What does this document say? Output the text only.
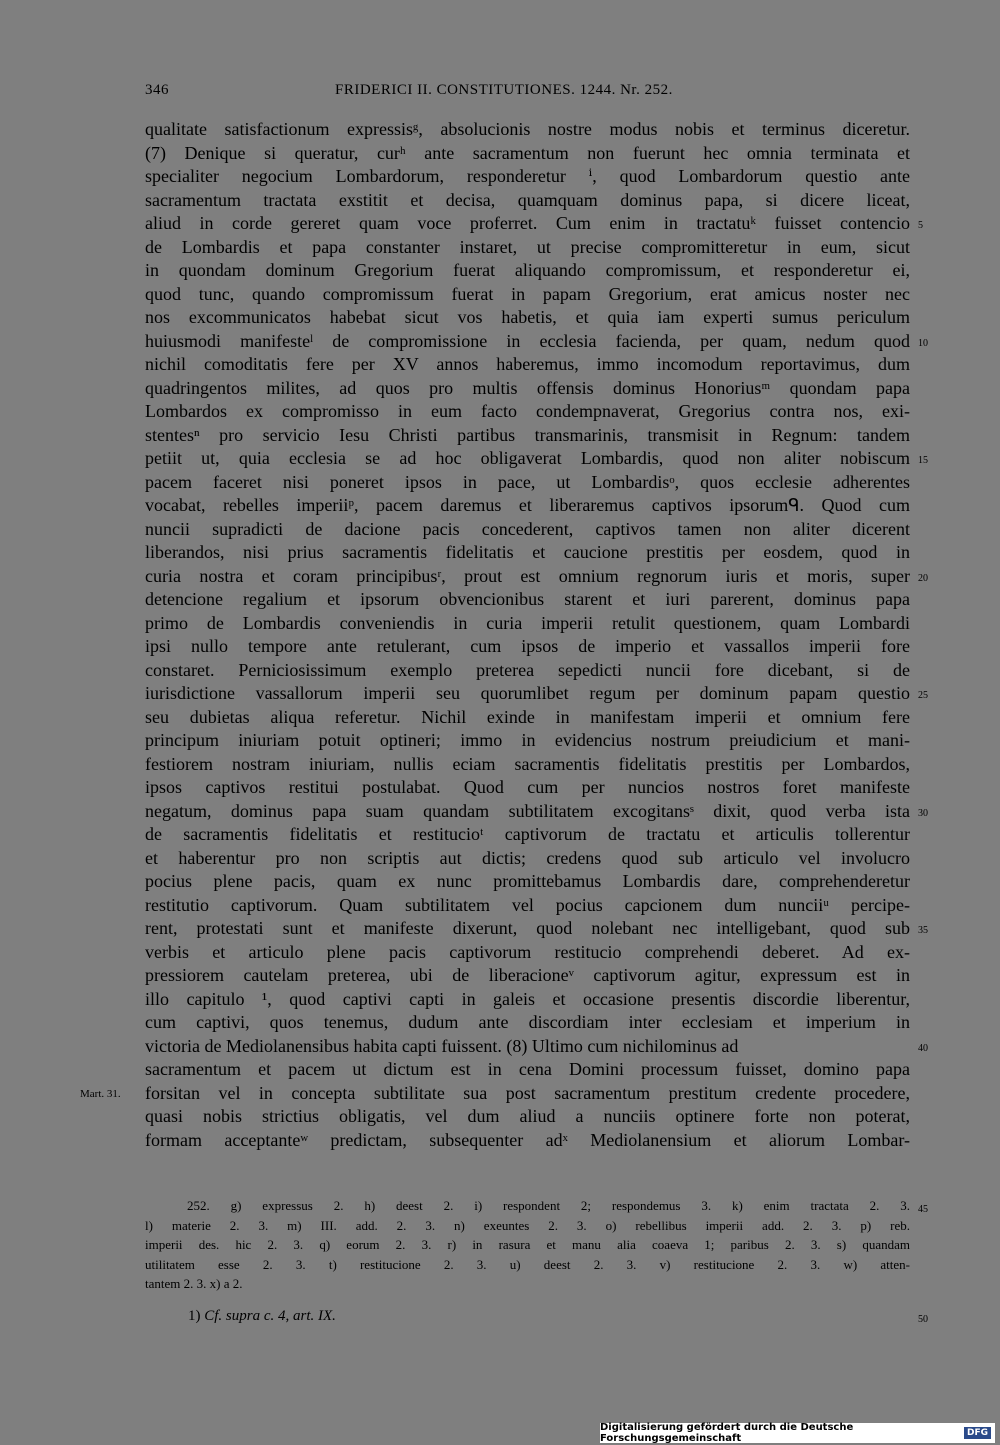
346	FRIDERICI II. CONSTITUTIONES. 1244. Nr. 252.
qualitate satisfactionum expressisᵍ, absolucionis nostre modus nobis et terminus diceretur.
(7) Denique si queratur, curʰ ante sacramentum non fuerunt hec omnia terminata et
specialiter negocium Lombardorum, responderetur ⁱ, quod Lombardorum questio ante
sacramentum tractata exstitit et decisa, quamquam dominus papa, si dicere liceat,
aliud in corde gereret quam voce proferret. Cum enim in tractatuᵏ fuisset contencio
de Lombardis et papa constanter instaret, ut precise compromitteretur in eum, sicut
in quondam dominum Gregorium fuerat aliquando compromissum, et responderetur ei,
quod tunc, quando compromissum fuerat in papam Gregorium, erat amicus noster nec
nos excommunicatos habebat sicut vos habetis, et quia iam experti sumus periculum
huiusmodi manifesteˡ de compromissione in ecclesia facienda, per quam, nedum quod
nichil comoditatis fere per XV annos haberemus, immo incomodum reportavimus, dum
quadringentos milites, ad quos pro multis offensis dominus Honoriusᵐ quondam papa
Lombardos ex compromisso in eum facto condempnaverat, Gregorius contra nos, exi-
stentesⁿ pro servicio Iesu Christi partibus transmarinis, transmisit in Regnum: tandem
petiit ut, quia ecclesia se ad hoc obligaverat Lombardis, quod non aliter nobiscum
pacem faceret nisi poneret ipsos in pace, ut Lombardisᵒ, quos ecclesie adherentes
vocabat, rebelles imperiiᵖ, pacem daremus et liberaremus captivos ipsorumᑫ. Quod cum
nuncii supradicti de dacione pacis concederent, captivos tamen non aliter dicerent
liberandos, nisi prius sacramentis fidelitatis et caucione prestitis per eosdem, quod in
curia nostra et coram principibusʳ, prout est omnium regnorum iuris et moris, super
detencione regalium et ipsorum obvencionibus starent et iuri parerent, dominus papa
primo de Lombardis conveniendis in curia imperii retulit questionem, quam Lombardi
ipsi nullo tempore ante retulerant, cum ipsos de imperio et vassallos imperii fore
constaret. Perniciosissimum exemplo preterea sepedicti nuncii fore dicebant, si de
iurisdictione vassallorum imperii seu quorumlibet regum per dominum papam questio
seu dubietas aliqua referetur. Nichil exinde in manifestam imperii et omnium fere
principum iniuriam potuit optineri; immo in evidencius nostrum preiudicium et mani-
festiorem nostram iniuriam, nullis eciam sacramentis fidelitatis prestitis per Lombardos,
ipsos captivos restitui postulabat. Quod cum per nuncios nostros foret manifeste
negatum, dominus papa suam quandam subtilitatem excogitansˢ dixit, quod verba ista
de sacramentis fidelitatis et restitucioᵗ captivorum de tractatu et articulis tollerentur
et haberentur pro non scriptis aut dictis; credens quod sub articulo vel involucro
pocius plene pacis, quam ex nunc promittebamus Lombardis dare, comprehenderetur
restitutio captivorum. Quam subtilitatem vel pocius capcionem dum nunciiᵘ percipe-
rent, protestati sunt et manifeste dixerunt, quod nolebant nec intelligebant, quod sub
verbis et articulo plene pacis captivorum restitucio comprehendi deberet. Ad ex-
pressiorem cautelam preterea, ubi de liberacioneᵛ captivorum agitur, expressum est in
illo capitulo ¹, quod captivi capti in galeis et occasione presentis discordie liberentur,
cum captivi, quos tenemus, dudum ante discordiam inter ecclesiam et imperium in
victoria de Mediolanensibus habita capti fuissent. (8) Ultimo cum nichilominus ad
sacramentum et pacem ut dictum est in cena Domini processum fuisset, domino papa
forsitan vel in concepta subtilitate sua post sacramentum prestitum credente procedere,
quasi nobis strictius obligatis, vel dum aliud a nunciis optinere forte non poterat,
formam acceptanteʷ predictam, subsequenter adˣ Mediolanensium et aliorum Lombar-
5
10
15
20
25
30
35
40
Mart. 31.
252. g) expressus 2. h) deest 2. i) respondent 2; respondemus 3. k) enim tractata 2. 3.
l) materie 2. 3. m) III. add. 2. 3. n) exeuntes 2. 3. o) rebellibus imperii add. 2. 3. p) reb.
imperii des. hic 2. 3. q) eorum 2. 3. r) in rasura et manu alia coaeva 1; paribus 2. 3. s) quandam
utilitatem esse 2. 3. t) restitucione 2. 3. u) deest 2. 3. v) restitucione 2. 3. w) atten-
tantem 2. 3. x) a 2.
45
50
1) Cf. supra c. 4, art. IX.
Digitalisierung gefördert durch die Deutsche Forschungsgemeinschaft	DFG
